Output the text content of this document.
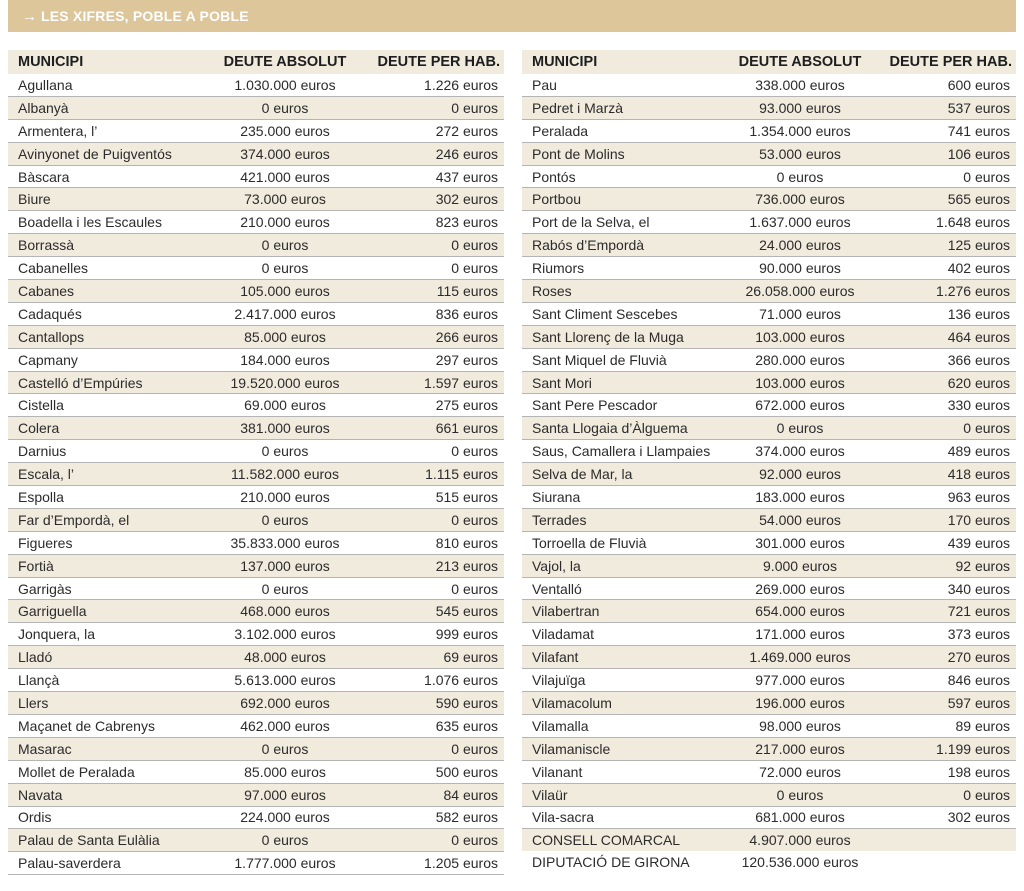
→ LES XIFRES, POBLE A POBLE
MUNICIPI	DEUTE ABSOLUT	DEUTE PER HAB.
Agullana	1.030.000 euros	1.226 euros
Albanyà	0 euros	0 euros
Armentera, l’	235.000 euros	272 euros
Avinyonet de Puigventós	374.000 euros	246 euros
Bàscara	421.000 euros	437 euros
Biure	73.000 euros	302 euros
Boadella i les Escaules	210.000 euros	823 euros
Borrassà	0 euros	0 euros
Cabanelles	0 euros	0 euros
Cabanes	105.000 euros	115 euros
Cadaqués	2.417.000 euros	836 euros
Cantallops	85.000 euros	266 euros
Capmany	184.000 euros	297 euros
Castelló d’Empúries	19.520.000 euros	1.597 euros
Cistella	69.000 euros	275 euros
Colera	381.000 euros	661 euros
Darnius	0 euros	0 euros
Escala, l’	11.582.000 euros	1.115 euros
Espolla	210.000 euros	515 euros
Far d’Empordà, el	0 euros	0 euros
Figueres	35.833.000 euros	810 euros
Fortià	137.000 euros	213 euros
Garrigàs	0 euros	0 euros
Garriguella	468.000 euros	545 euros
Jonquera, la	3.102.000 euros	999 euros
Lladó	48.000 euros	69 euros
Llançà	5.613.000 euros	1.076 euros
Llers	692.000 euros	590 euros
Maçanet de Cabrenys	462.000 euros	635 euros
Masarac	0 euros	0 euros
Mollet de Peralada	85.000 euros	500 euros
Navata	97.000 euros	84 euros
Ordis	224.000 euros	582 euros
Palau de Santa Eulàlia	0 euros	0 euros
Palau-saverdera	1.777.000 euros	1.205 euros
MUNICIPI	DEUTE ABSOLUT	DEUTE PER HAB.
Pau	338.000 euros	600 euros
Pedret i Marzà	93.000 euros	537 euros
Peralada	1.354.000 euros	741 euros
Pont de Molins	53.000 euros	106 euros
Pontós	0 euros	0 euros
Portbou	736.000 euros	565 euros
Port de la Selva, el	1.637.000 euros	1.648 euros
Rabós d’Empordà	24.000 euros	125 euros
Riumors	90.000 euros	402 euros
Roses	26.058.000 euros	1.276 euros
Sant Climent Sescebes	71.000 euros	136 euros
Sant Llorenç de la Muga	103.000 euros	464 euros
Sant Miquel de Fluvià	280.000 euros	366 euros
Sant Mori	103.000 euros	620 euros
Sant Pere Pescador	672.000 euros	330 euros
Santa Llogaia d’Àlguema	0 euros	0 euros
Saus, Camallera i Llampaies	374.000 euros	489 euros
Selva de Mar, la	92.000 euros	418 euros
Siurana	183.000 euros	963 euros
Terrades	54.000 euros	170 euros
Torroella de Fluvià	301.000 euros	439 euros
Vajol, la	9.000 euros	92 euros
Ventalló	269.000 euros	340 euros
Vilabertran	654.000 euros	721 euros
Viladamat	171.000 euros	373 euros
Vilafant	1.469.000 euros	270 euros
Vilajuïga	977.000 euros	846 euros
Vilamacolum	196.000 euros	597 euros
Vilamalla	98.000 euros	89 euros
Vilamaniscle	217.000 euros	1.199 euros
Vilanant	72.000 euros	198 euros
Vilaür	0 euros	0 euros
Vila-sacra	681.000 euros	302 euros
CONSELL COMARCAL	4.907.000 euros	
DIPUTACIÓ DE GIRONA	120.536.000 euros	
